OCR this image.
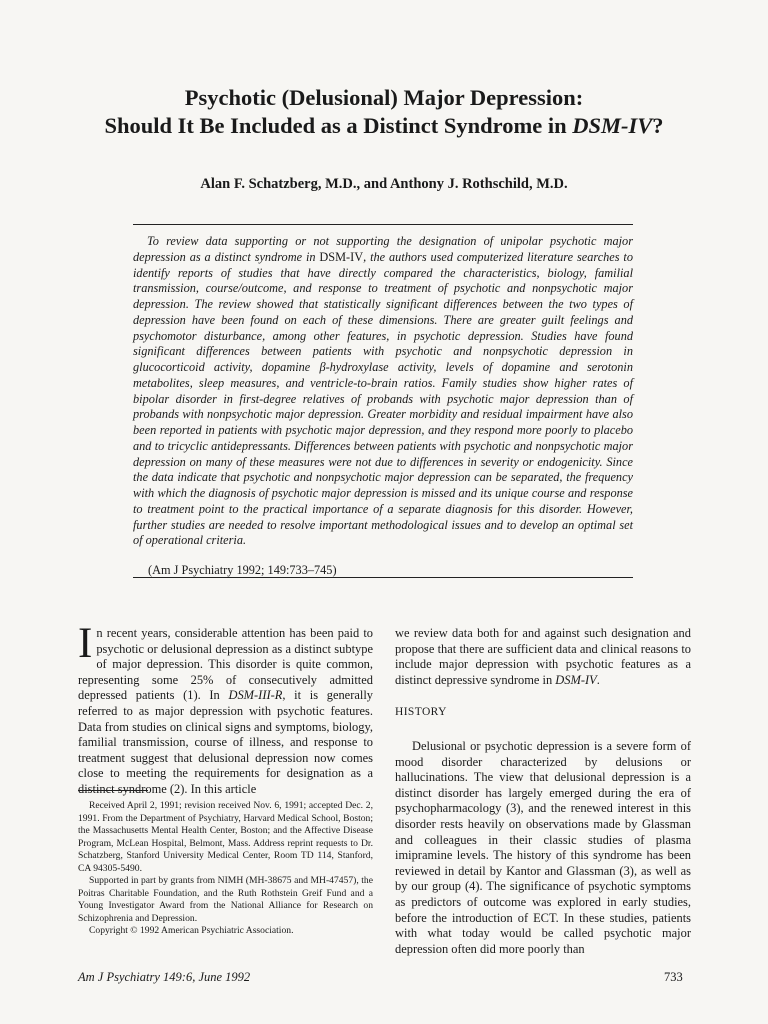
Psychotic (Delusional) Major Depression:
Should It Be Included as a Distinct Syndrome in DSM-IV?

Alan F. Schatzberg, M.D., and Anthony J. Rothschild, M.D.

To review data supporting or not supporting the designation of unipolar psychotic major depression as a distinct syndrome in DSM-IV, the authors used computerized literature searches to identify reports of studies that have directly compared the characteristics, biology, familial transmission, course/outcome, and response to treatment of psychotic and nonpsychotic major depression. The review showed that statistically significant differences between the two types of depression have been found on each of these dimensions. There are greater guilt feelings and psychomotor disturbance, among other features, in psychotic depression. Studies have found significant differences between patients with psychotic and nonpsychotic depression in glucocorticoid activity, dopamine β-hydroxylase activity, levels of dopamine and serotonin metabolites, sleep measures, and ventricle-to-brain ratios. Family studies show higher rates of bipolar disorder in first-degree relatives of probands with psychotic major depression than of probands with nonpsychotic major depression. Greater morbidity and residual impairment have also been reported in patients with psychotic major depression, and they respond more poorly to placebo and to tricyclic antidepressants. Differences between patients with psychotic and nonpsychotic major depression on many of these measures were not due to differences in severity or endogenicity. Since the data indicate that psychotic and nonpsychotic major depression can be separated, the frequency with which the diagnosis of psychotic major depression is missed and its unique course and response to treatment point to the practical importance of a separate diagnosis for this disorder. However, further studies are needed to resolve important methodological issues and to develop an optimal set of operational criteria.

(Am J Psychiatry 1992; 149:733–745)

In recent years, considerable attention has been paid to psychotic or delusional depression as a distinct subtype of major depression. This disorder is quite common, representing some 25% of consecutively admitted depressed patients (1). In DSM-III-R, it is generally referred to as major depression with psychotic features. Data from studies on clinical signs and symptoms, biology, familial transmission, course of illness, and response to treatment suggest that delusional depression now comes close to meeting the requirements for designation as a distinct syndrome (2). In this article

Received April 2, 1991; revision received Nov. 6, 1991; accepted Dec. 2, 1991. From the Department of Psychiatry, Harvard Medical School, Boston; the Massachusetts Mental Health Center, Boston; and the Affective Disease Program, McLean Hospital, Belmont, Mass. Address reprint requests to Dr. Schatzberg, Stanford University Medical Center, Room TD 114, Stanford, CA 94305-5490.

Supported in part by grants from NIMH (MH-38675 and MH-47457), the Poitras Charitable Foundation, and the Ruth Rothstein Greif Fund and a Young Investigator Award from the National Alliance for Research on Schizophrenia and Depression.

Copyright © 1992 American Psychiatric Association.

we review data both for and against such designation and propose that there are sufficient data and clinical reasons to include major depression with psychotic features as a distinct depressive syndrome in DSM-IV.

HISTORY

Delusional or psychotic depression is a severe form of mood disorder characterized by delusions or hallucinations. The view that delusional depression is a distinct disorder has largely emerged during the era of psychopharmacology (3), and the renewed interest in this disorder rests heavily on observations made by Glassman and colleagues in their classic studies of plasma imipramine levels. The history of this syndrome has been reviewed in detail by Kantor and Glassman (3), as well as by our group (4). The significance of psychotic symptoms as predictors of outcome was explored in early studies, before the introduction of ECT. In these studies, patients with what today would be called psychotic major depression often did more poorly than

Am J Psychiatry 149:6, June 1992	733
